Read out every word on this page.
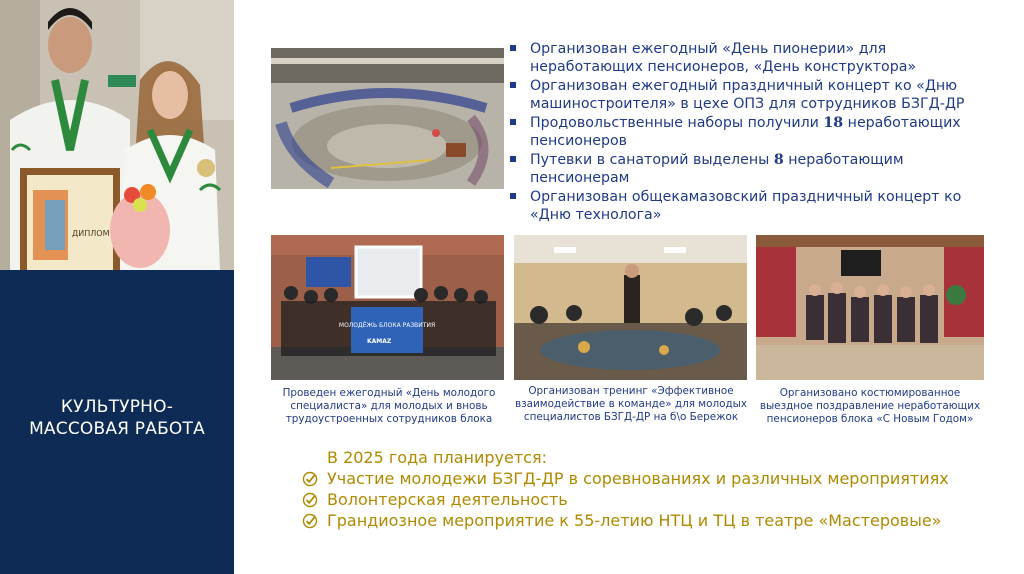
ДИПЛОМ
КУЛЬТУРНО-
МАССОВАЯ РАБОТА
Организован ежегодный «День пионерии» для неработающих пенсионеров, «День конструктора»
Организован ежегодный праздничный концерт ко «Дню машиностроителя» в цехе ОПЗ для сотрудников БЗГД-ДР
Продовольственные наборы получили 18 неработающих пенсионеров
Путевки в санаторий выделены 8 неработающим пенсионерам
Организован общекамазовский праздничный концерт ко «Дню технолога»
МОЛОДЁЖЬ БЛОКА РАЗВИТИЯ
KAMAZ
Проведен ежегодный «День молодого специалиста» для молодых и вновь трудоустроенных сотрудников блока
Организован тренинг «Эффективное взаимодействие в команде» для молодых специалистов БЗГД-ДР на б\о Бережок
Организовано костюмированное выездное поздравление неработающих пенсионеров блока «С Новым Годом»
В 2025 года планируется:
Участие молодежи БЗГД-ДР в соревнованиях и различных мероприятиях
Волонтерская деятельность
Грандиозное мероприятие к 55-летию НТЦ и ТЦ в театре «Мастеровые»
